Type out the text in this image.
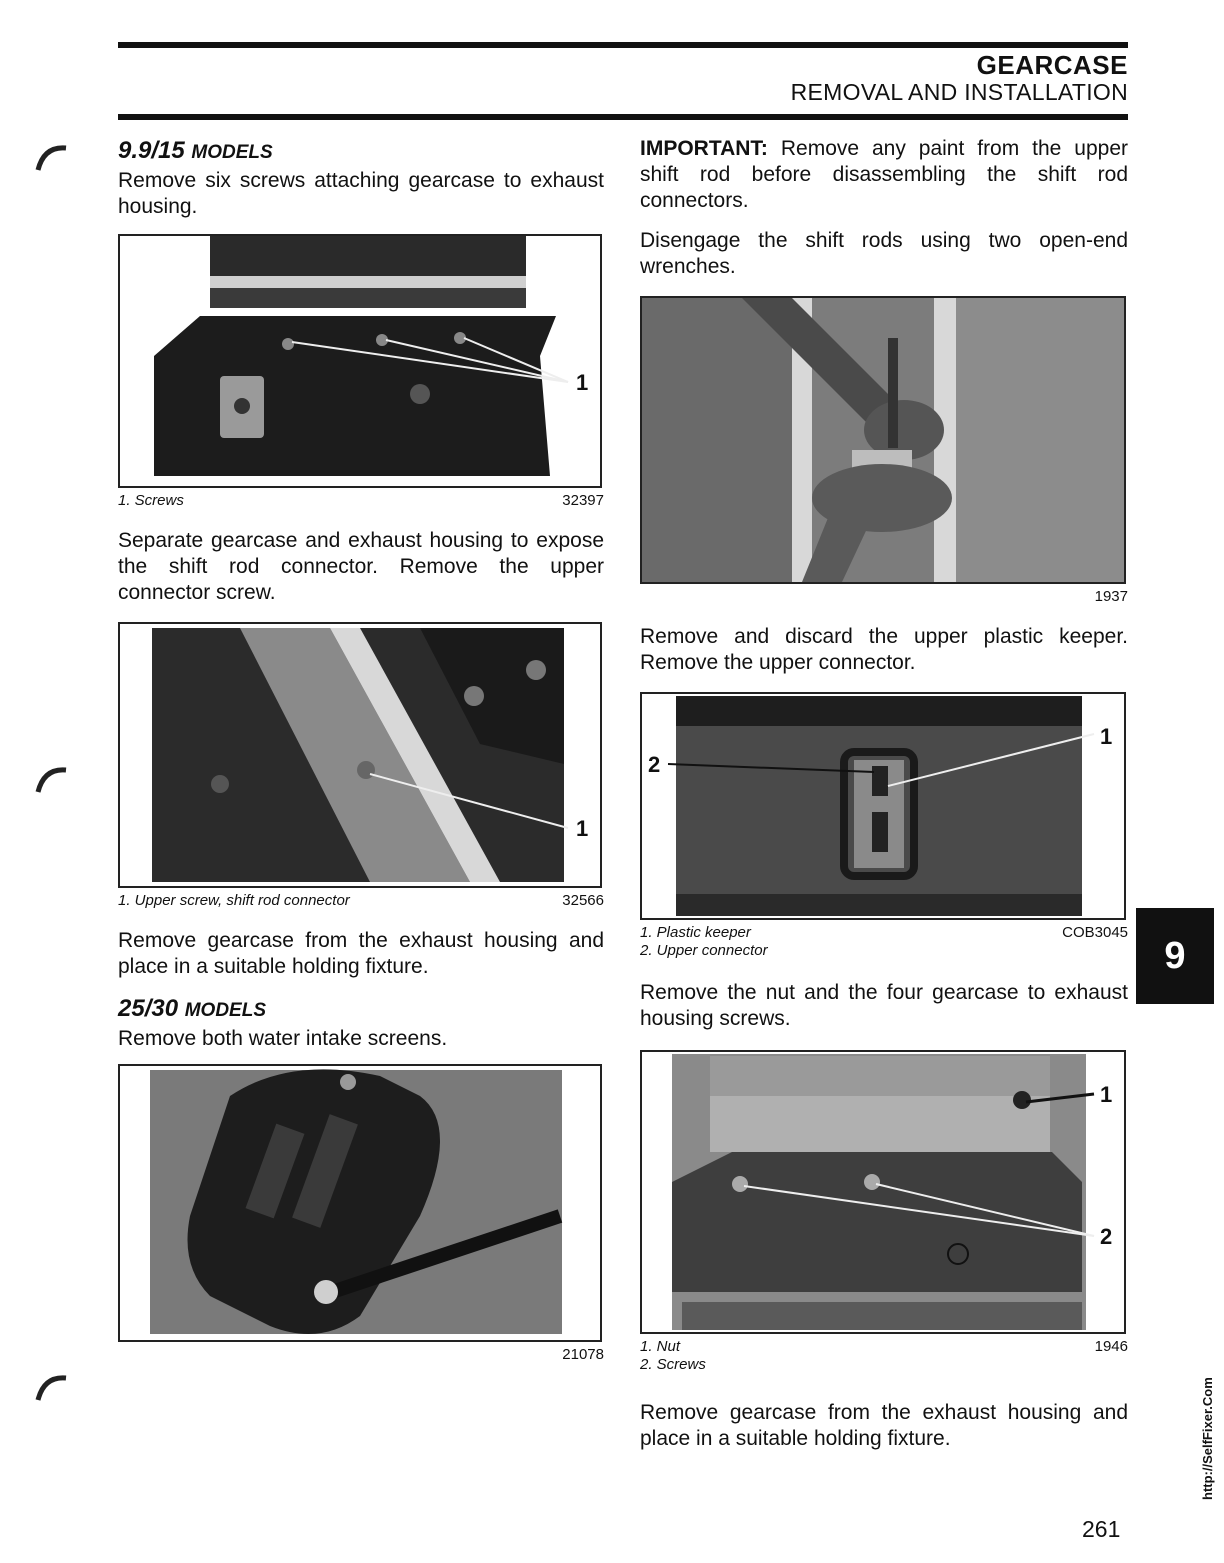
GEARCASE
REMOVAL AND INSTALLATION
9.9/15 MODELS

Remove six screws attaching gearcase to exhaust housing.

1
1. Screws	32397

Separate gearcase and exhaust housing to expose the shift rod connector. Remove the upper connector screw.

1
1. Upper screw, shift rod connector	32566

Remove gearcase from the exhaust housing and place in a suitable holding fixture.

25/30 MODELS

Remove both water intake screens.

21078

IMPORTANT: Remove any paint from the upper shift rod before disassembling the shift rod connectors.

Disengage the shift rods using two open-end wrenches.

1937

Remove and discard the upper plastic keeper. Remove the upper connector.

2
1
1. Plastic keeper
2. Upper connector
COB3045

Remove the nut and the four gearcase to exhaust housing screws.

1
2
1. Nut
2. Screws
1946

Remove gearcase from the exhaust housing and place in a suitable holding fixture.

9
http://SelfFixer.Com
261
